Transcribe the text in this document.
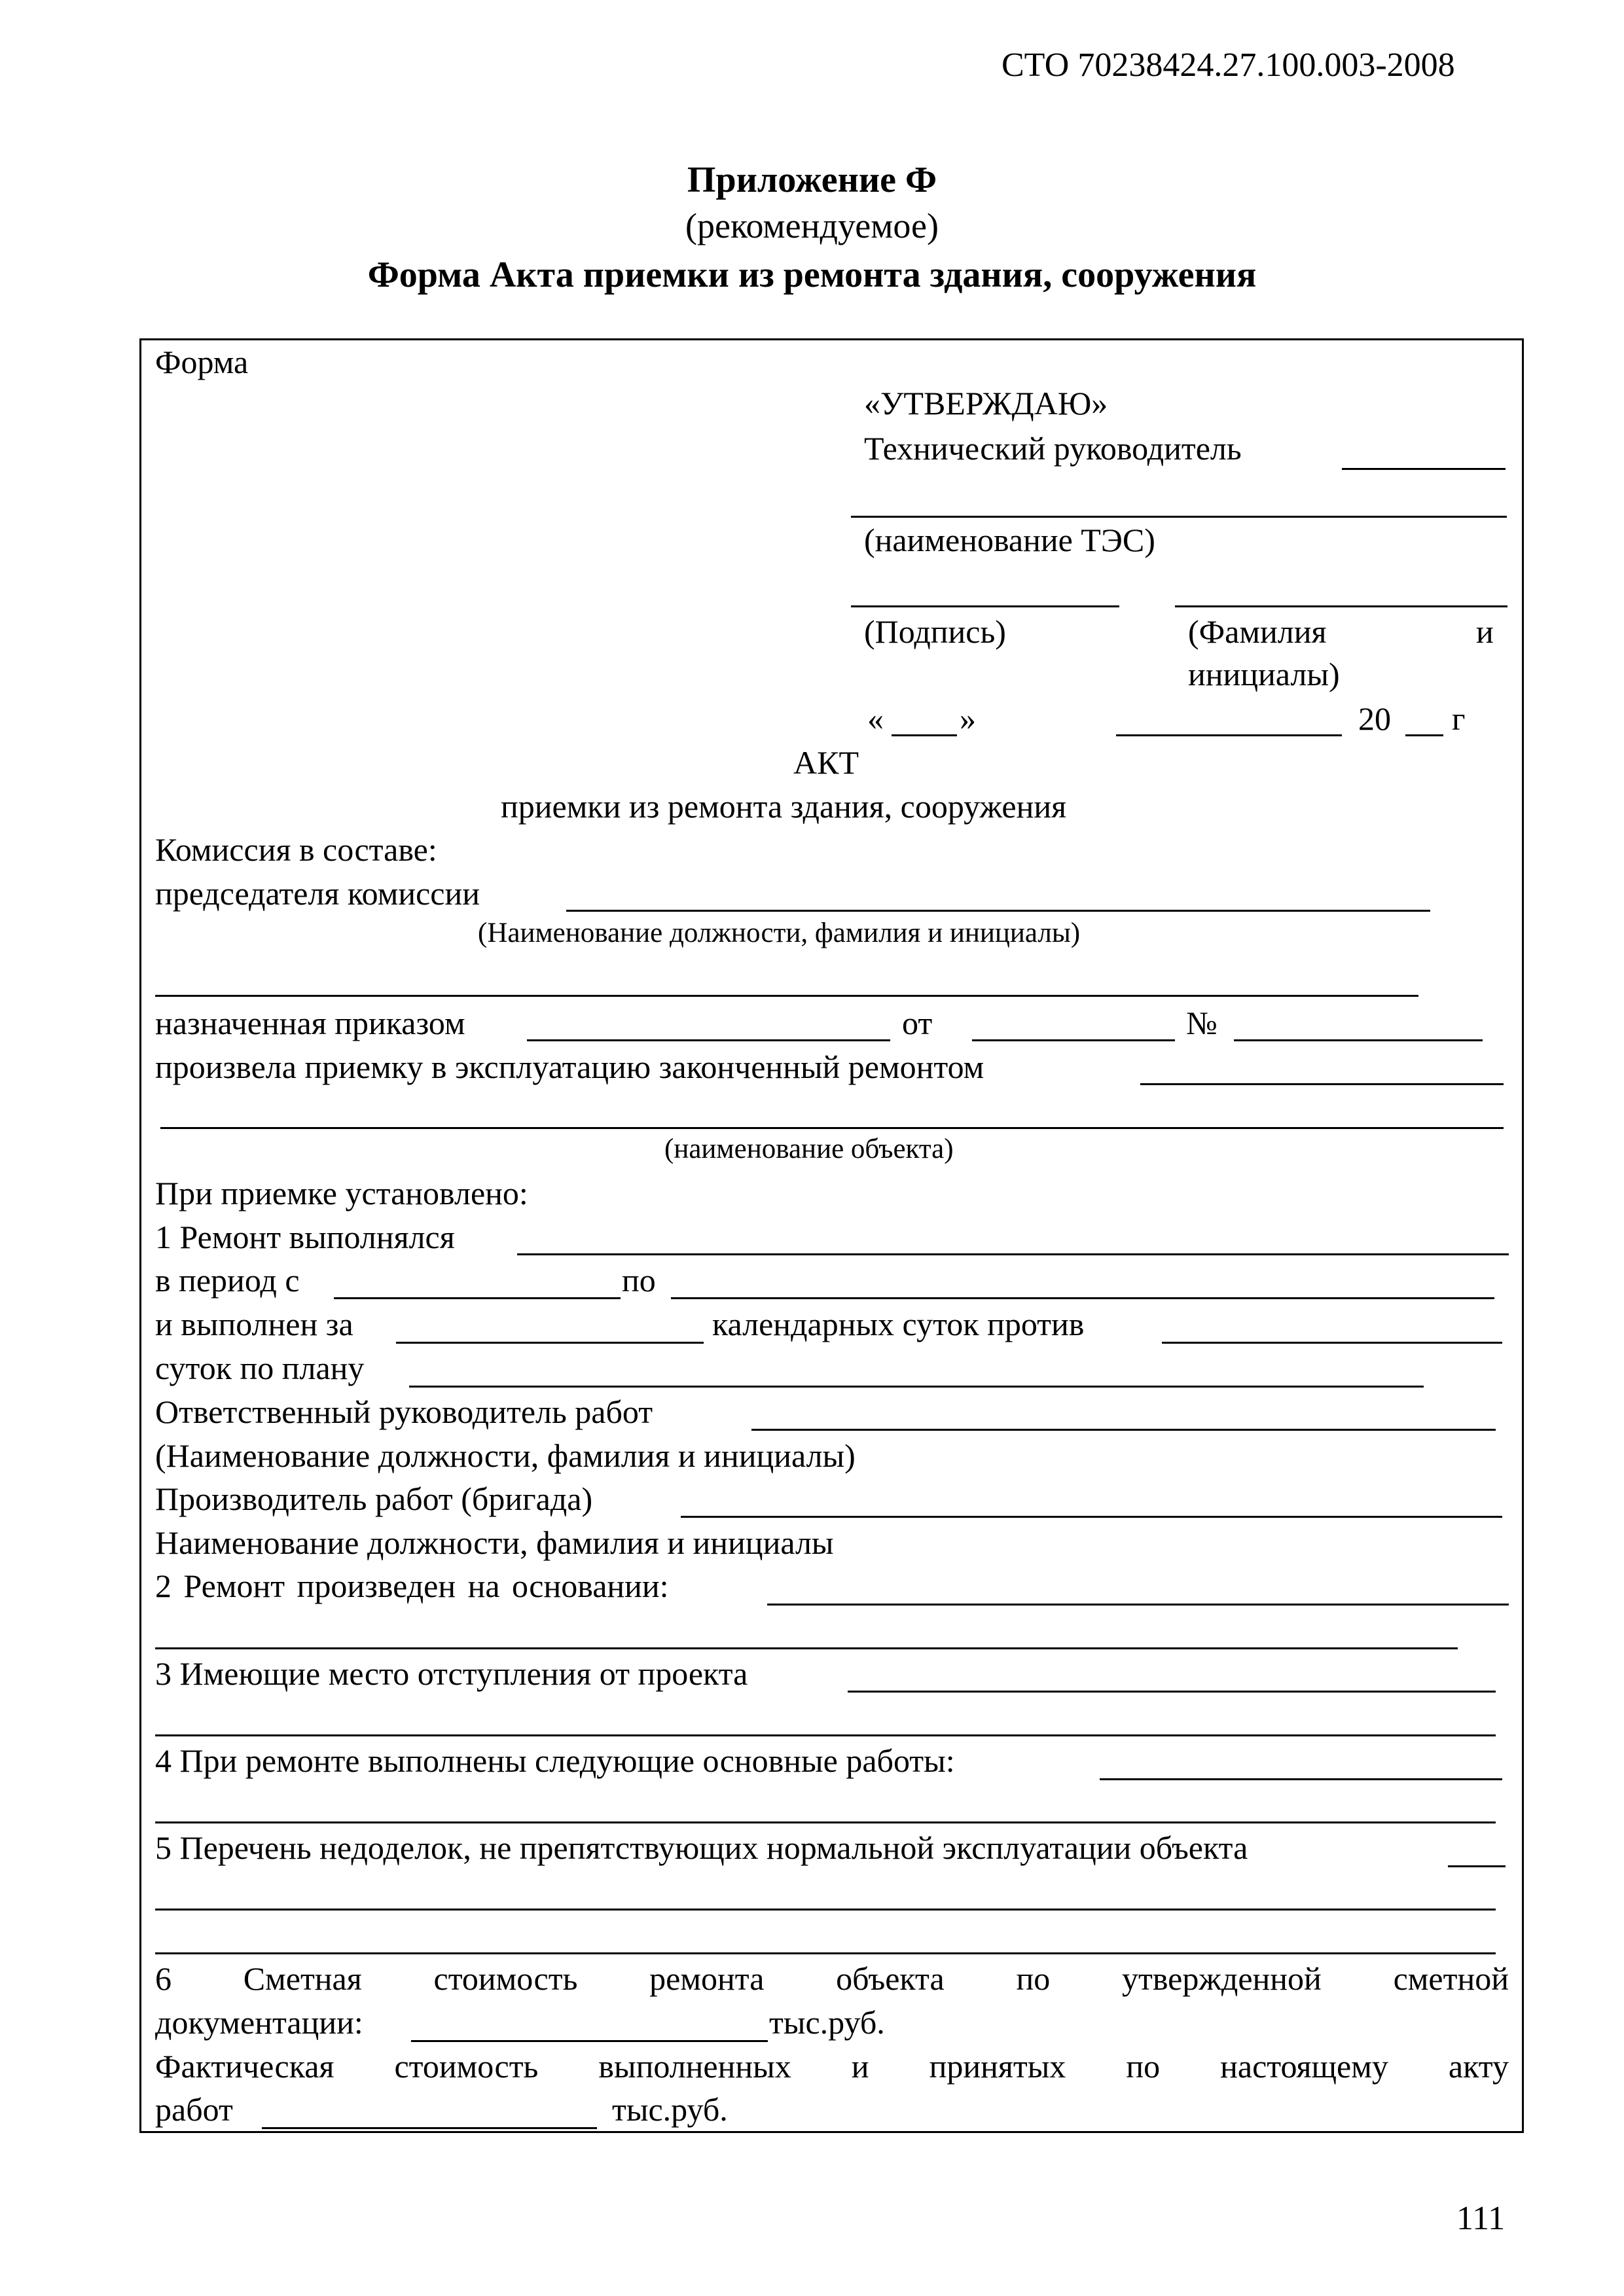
СТО 70238424.27.100.003-2008
Приложение Ф
(рекомендуемое)
Форма Акта приемки из ремонта здания, сооружения
Форма
«УТВЕРЖДАЮ»
Технический руководитель
(наименование ТЭС)
(Подпись)	(Фамилия	и
инициалы)
« »	20 г
АКТ
приемки из ремонта здания, сооружения
Комиссия в составе:
председателя комиссии
(Наименование должности, фамилия и инициалы)
назначенная приказом	от	№
произвела приемку в эксплуатацию законченный ремонтом
(наименование объекта)
При приемке установлено:
1 Ремонт выполнялся
в период с	по
и выполнен за	календарных суток против
суток по плану
Ответственный руководитель работ
(Наименование должности, фамилия и инициалы)
Производитель работ (бригада)
Наименование должности, фамилия и инициалы
2 Ремонт произведен на основании:
3 Имеющие место отступления от проекта
4 При ремонте выполнены следующие основные работы:
5 Перечень недоделок, не препятствующих нормальной эксплуатации объекта
6 Сметная стоимость ремонта объекта по утвержденной сметной
документации:	тыс.руб.
Фактическая стоимость выполненных и принятых по настоящему акту
работ	тыс.руб.
111
